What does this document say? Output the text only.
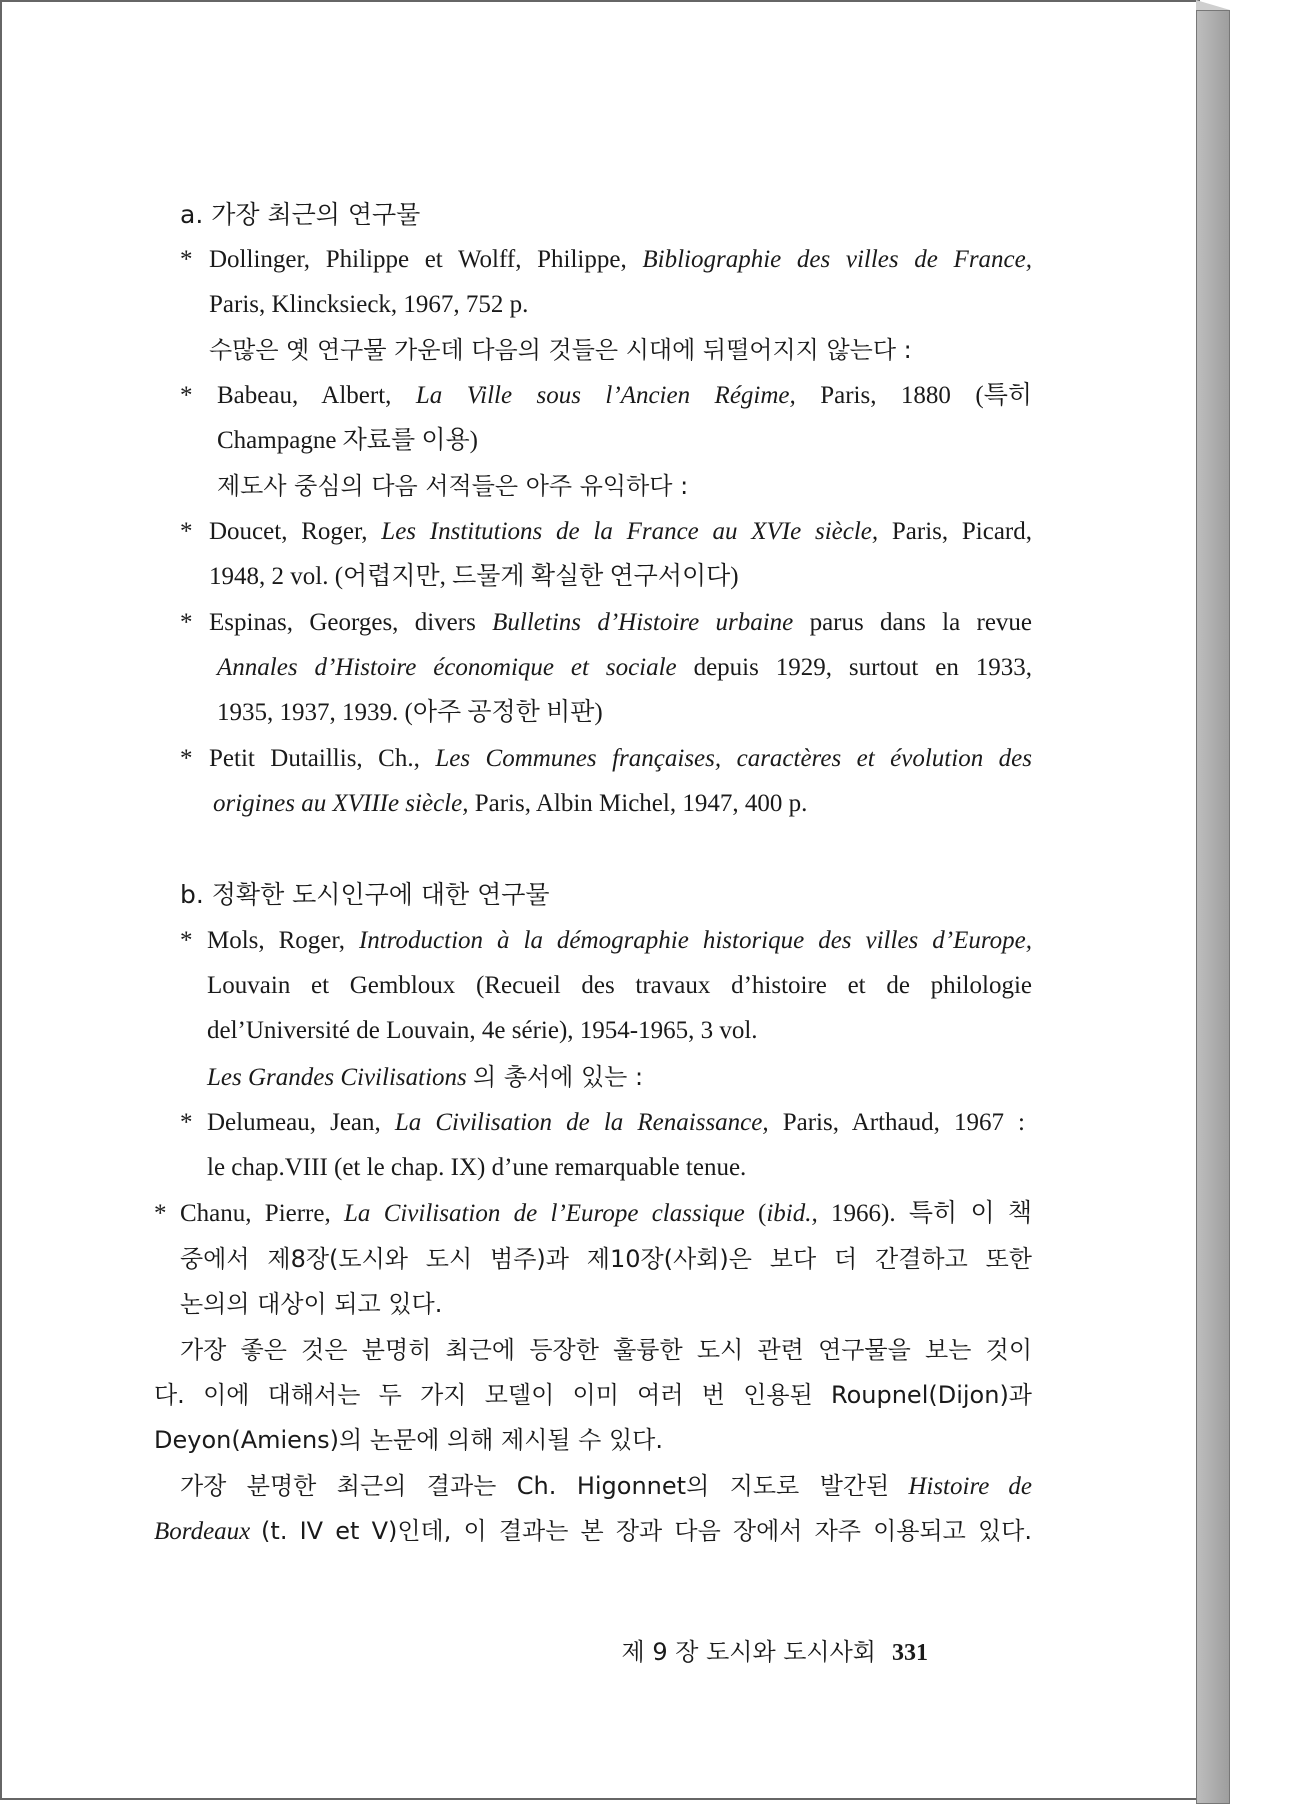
a. 가장 최근의 연구물
* Dollinger, Philippe et Wolff, Philippe, Bibliographie des villes de France,
Paris, Klincksieck, 1967, 752 p.
수많은 옛 연구물 가운데 다음의 것들은 시대에 뒤떨어지지 않는다 :
* Babeau, Albert, La Ville sous l’Ancien Régime, Paris, 1880 (특히
Champagne 자료를 이용)
제도사 중심의 다음 서적들은 아주 유익하다 :
* Doucet, Roger, Les Institutions de la France au XVIe siècle, Paris, Picard,
1948, 2 vol. (어렵지만, 드물게 확실한 연구서이다)
* Espinas, Georges, divers Bulletins d’Histoire urbaine parus dans la revue
Annales d’Histoire économique et sociale depuis 1929, surtout en 1933,
1935, 1937, 1939. (아주 공정한 비판)
* Petit Dutaillis, Ch., Les Communes françaises, caractères et évolution des
origines au XVIIIe siècle, Paris, Albin Michel, 1947, 400 p.
b. 정확한 도시인구에 대한 연구물
* Mols, Roger, Introduction à la démographie historique des villes d’Europe,
Louvain et Gembloux (Recueil des travaux d’histoire et de philologie
del’Université de Louvain, 4e série), 1954-1965, 3 vol.
Les Grandes Civilisations 의 총서에 있는 :
* Delumeau, Jean, La Civilisation de la Renaissance, Paris, Arthaud, 1967 :
le chap.VIII (et le chap. IX) d’une remarquable tenue.
* Chanu, Pierre, La Civilisation de l’Europe classique (ibid., 1966). 특히 이 책
중에서 제8장(도시와 도시 범주)과 제10장(사회)은 보다 더 간결하고 또한
논의의 대상이 되고 있다.
가장 좋은 것은 분명히 최근에 등장한 훌륭한 도시 관련 연구물을 보는 것이
다. 이에 대해서는 두 가지 모델이 이미 여러 번 인용된 Roupnel(Dijon)과
Deyon(Amiens)의 논문에 의해 제시될 수 있다.
가장 분명한 최근의 결과는 Ch. Higonnet의 지도로 발간된 Histoire de
Bordeaux (t. IV et V)인데, 이 결과는 본 장과 다음 장에서 자주 이용되고 있다.
제 9 장 도시와 도시사회 331
